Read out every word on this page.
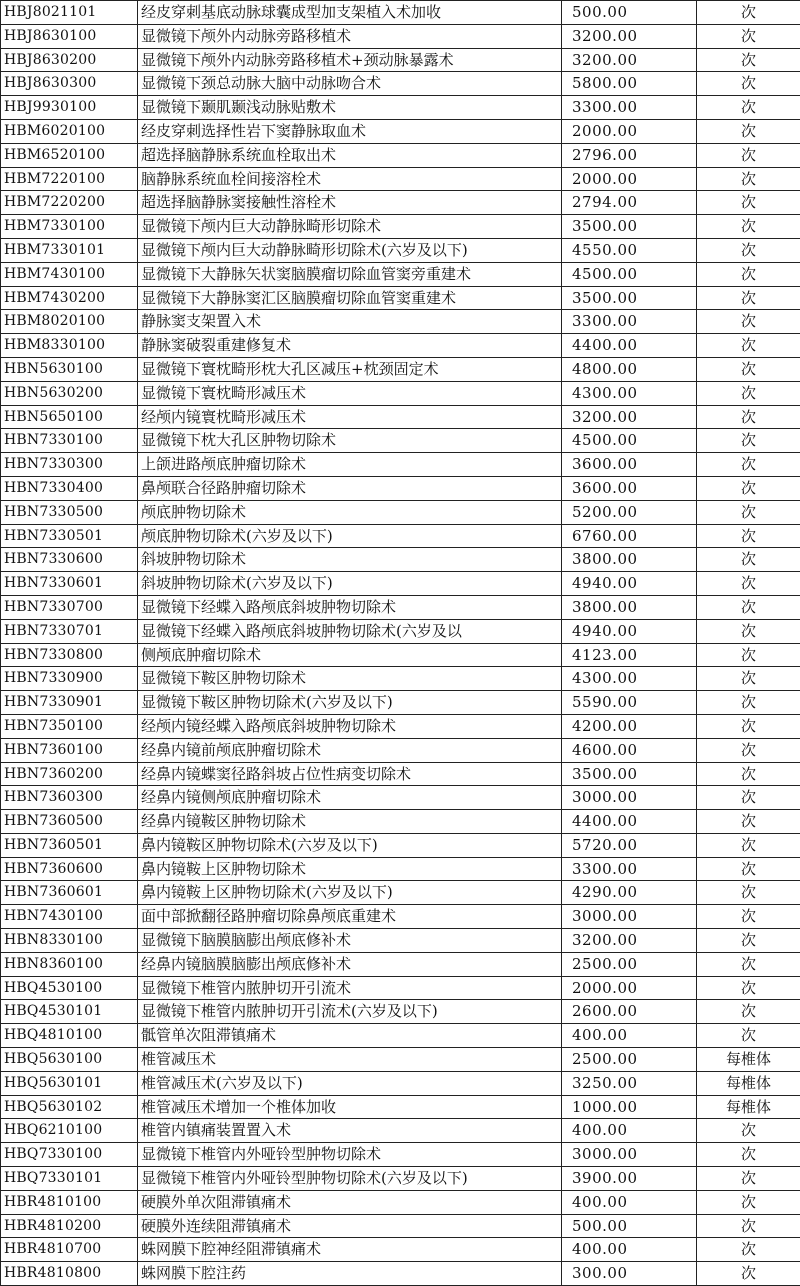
HBJ8021101	经皮穿刺基底动脉球囊成型加支架植入术加收	500.00	次
HBJ8630100	显微镜下颅外内动脉旁路移植术	3200.00	次
HBJ8630200	显微镜下颅外内动脉旁路移植术+颈动脉暴露术	3200.00	次
HBJ8630300	显微镜下颈总动脉大脑中动脉吻合术	5800.00	次
HBJ9930100	显微镜下颞肌颞浅动脉贴敷术	3300.00	次
HBM6020100	经皮穿刺选择性岩下窦静脉取血术	2000.00	次
HBM6520100	超选择脑静脉系统血栓取出术	2796.00	次
HBM7220100	脑静脉系统血栓间接溶栓术	2000.00	次
HBM7220200	超选择脑静脉窦接触性溶栓术	2794.00	次
HBM7330100	显微镜下颅内巨大动静脉畸形切除术	3500.00	次
HBM7330101	显微镜下颅内巨大动静脉畸形切除术(六岁及以下)	4550.00	次
HBM7430100	显微镜下大静脉矢状窦脑膜瘤切除血管窦旁重建术	4500.00	次
HBM7430200	显微镜下大静脉窦汇区脑膜瘤切除血管窦重建术	3500.00	次
HBM8020100	静脉窦支架置入术	3300.00	次
HBM8330100	静脉窦破裂重建修复术	4400.00	次
HBN5630100	显微镜下寰枕畸形枕大孔区减压+枕颈固定术	4800.00	次
HBN5630200	显微镜下寰枕畸形减压术	4300.00	次
HBN5650100	经颅内镜寰枕畸形减压术	3200.00	次
HBN7330100	显微镜下枕大孔区肿物切除术	4500.00	次
HBN7330300	上颌进路颅底肿瘤切除术	3600.00	次
HBN7330400	鼻颅联合径路肿瘤切除术	3600.00	次
HBN7330500	颅底肿物切除术	5200.00	次
HBN7330501	颅底肿物切除术(六岁及以下)	6760.00	次
HBN7330600	斜坡肿物切除术	3800.00	次
HBN7330601	斜坡肿物切除术(六岁及以下)	4940.00	次
HBN7330700	显微镜下经蝶入路颅底斜坡肿物切除术	3800.00	次
HBN7330701	显微镜下经蝶入路颅底斜坡肿物切除术(六岁及以	4940.00	次
HBN7330800	侧颅底肿瘤切除术	4123.00	次
HBN7330900	显微镜下鞍区肿物切除术	4300.00	次
HBN7330901	显微镜下鞍区肿物切除术(六岁及以下)	5590.00	次
HBN7350100	经颅内镜经蝶入路颅底斜坡肿物切除术	4200.00	次
HBN7360100	经鼻内镜前颅底肿瘤切除术	4600.00	次
HBN7360200	经鼻内镜蝶窦径路斜坡占位性病变切除术	3500.00	次
HBN7360300	经鼻内镜侧颅底肿瘤切除术	3000.00	次
HBN7360500	经鼻内镜鞍区肿物切除术	4400.00	次
HBN7360501	鼻内镜鞍区肿物切除术(六岁及以下)	5720.00	次
HBN7360600	鼻内镜鞍上区肿物切除术	3300.00	次
HBN7360601	鼻内镜鞍上区肿物切除术(六岁及以下)	4290.00	次
HBN7430100	面中部掀翻径路肿瘤切除鼻颅底重建术	3000.00	次
HBN8330100	显微镜下脑膜脑膨出颅底修补术	3200.00	次
HBN8360100	经鼻内镜脑膜脑膨出颅底修补术	2500.00	次
HBQ4530100	显微镜下椎管内脓肿切开引流术	2000.00	次
HBQ4530101	显微镜下椎管内脓肿切开引流术(六岁及以下)	2600.00	次
HBQ4810100	骶管单次阻滞镇痛术	400.00	次
HBQ5630100	椎管减压术	2500.00	每椎体
HBQ5630101	椎管减压术(六岁及以下)	3250.00	每椎体
HBQ5630102	椎管减压术增加一个椎体加收	1000.00	每椎体
HBQ6210100	椎管内镇痛装置置入术	400.00	次
HBQ7330100	显微镜下椎管内外哑铃型肿物切除术	3000.00	次
HBQ7330101	显微镜下椎管内外哑铃型肿物切除术(六岁及以下)	3900.00	次
HBR4810100	硬膜外单次阻滞镇痛术	400.00	次
HBR4810200	硬膜外连续阻滞镇痛术	500.00	次
HBR4810700	蛛网膜下腔神经阻滞镇痛术	400.00	次
HBR4810800	蛛网膜下腔注药	300.00	次
